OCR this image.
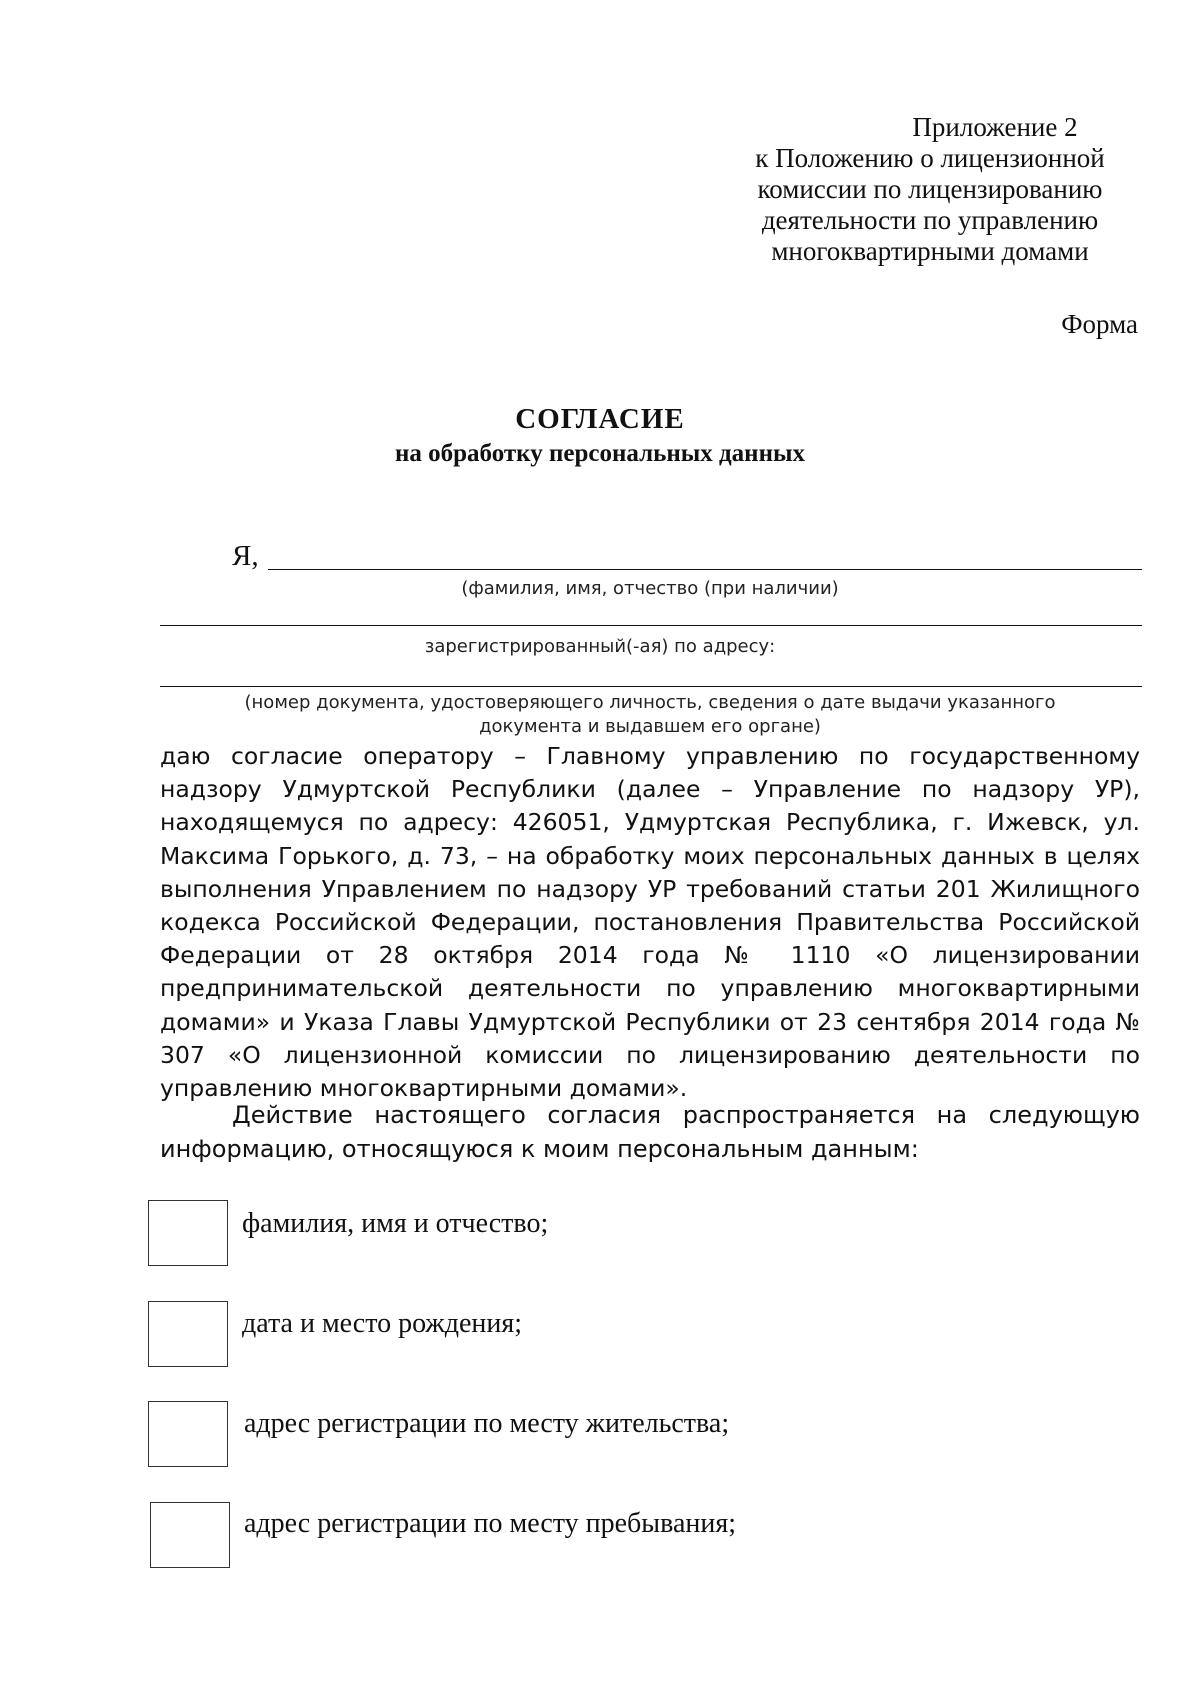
Приложение 2
к Положению о лицензионной
комиссии по лицензированию
деятельности по управлению
многоквартирными домами
Форма
СОГЛАСИЕ
на обработку персональных данных
Я,
(фамилия, имя, отчество (при наличии)
зарегистрированный(-ая) по адресу:
(номер документа, удостоверяющего личность, сведения о дате выдачи указанного
документа и выдавшем его органе)
даю согласие оператору – Главному управлению по государственному надзору Удмуртской Республики (далее – Управление по надзору УР), находящемуся по адресу: 426051, Удмуртская Республика, г. Ижевск, ул. Максима Горького, д. 73, – на обработку моих персональных данных в целях выполнения Управлением по надзору УР требований статьи 201 Жилищного кодекса Российской Федерации, постановления Правительства Российской Федерации от 28 октября 2014 года № 1110 «О лицензировании предпринимательской деятельности по управлению многоквартирными домами» и Указа Главы Удмуртской Республики от 23 сентября 2014 года № 307 «О лицензионной комиссии по лицензированию деятельности по управлению многоквартирными домами».
Действие настоящего согласия распространяется на следующую информацию, относящуюся к моим персональным данным:
фамилия, имя и отчество;
дата и место рождения;
адрес регистрации по месту жительства;
адрес регистрации по месту пребывания;
